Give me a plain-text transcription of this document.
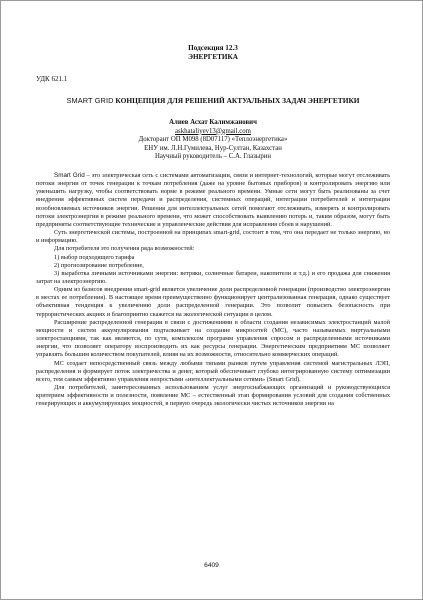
Подсекция 12.3
ЭНЕРГЕТИКА
УДК 621.1
SMART GRID КОНЦЕПЦИЯ ДЛЯ РЕШЕНИЙ АКТУАЛЬНЫХ ЗАДАЧ ЭНЕРГЕТИКИ
Алиев Асхат Калимжанович
askhataliyev13@gmail.com
Докторант ОП М098 (8D07117) «Теплоэнергетика»
ЕНУ им. Л.Н.Гумилева, Нур-Султан, Казахстан
Научный руководитель – С.А. Глазырин

Smart Grid – это электрическая сеть с системами автоматизации, связи и интернет-технологий, которые могут отслеживать потоки энергии от точек генерации к точкам потребления (даже на уровне бытовых приборов) и контролировать энергию или уменьшить нагрузку, чтобы соответствовать норме в режиме реального времени. Умные сети могут быть реализованы за счет внедрения эффективных систем передачи и распределения, системных операций, интеграции потребителей и интеграции возобновляемых источников энергии. Решения для интеллектуальных сетей помогают отслеживать, измерять и контролировать потоки электроэнергии в режиме реального времени, что может способствовать выявлению потерь и, таким образом, могут быть предприняты соответствующие технические и управленческие действия для исправления сбоев и нарушений.

Суть энергетической системы, построенной на принципах smart-grid, состоит в том, что она передает не только энергию, но и информацию.

Для потребителя это получения ряда возможностей:

1) выбор подходящего тарифа

2) прогнозирование потребление,

3) выработка личными источниками энергии: ветряки, солнечные батареи, накопители и т.д.) и его продажа для снижения затрат на электроэнергию.

Одним из базисов внедрения smart-grid является увеличение доли распределенной генерации (производство электроэнергии в местах ее потребления). В настоящее время преимущественно функционирует централизованная генерация, однако существует объективная тенденция к увеличению доли распределенной генерации. Это позволит повысить безопасность при террористических акциях и благоприятно скажется на экологической ситуации в целом.

Расширение распределенной генерации в связи с достижениями в области создания независимых электростанций малой мощности и систем аккумулирования подталкивает на создание микросетей (МС), часто называемых виртуальными электростанциями, так как являются, по сути, комплексом программ управления спросом и распределенными источниками энергии, что позволяет оператору воспроизводить их как ресурсы генерации. Энергетическим предприятиям МС позволяет управлять большим количеством покупателей, влияя на их возможности, относительно коммерческих операций.

МС создает непосредственный связь между любыми типами рынков путем управления системой магистральных ЛЭП, распределения и формирует поток электричества и денег, который обеспечивает глубоко интегрированную систему оптимизации всего, тем самым эффективно управления непростыми «интеллектуальными сетями» (Smart Grid).

Для потребителей, заинтересованных использованием услуг энергоснабжающих организаций и руководствующихся критерием эффективности и полезности, появление МС – естественный этап формирования условий для создания собственных генерирующих и аккумулирующих мощностей, в первую очередь экологически чистых источников энергии на

6409
